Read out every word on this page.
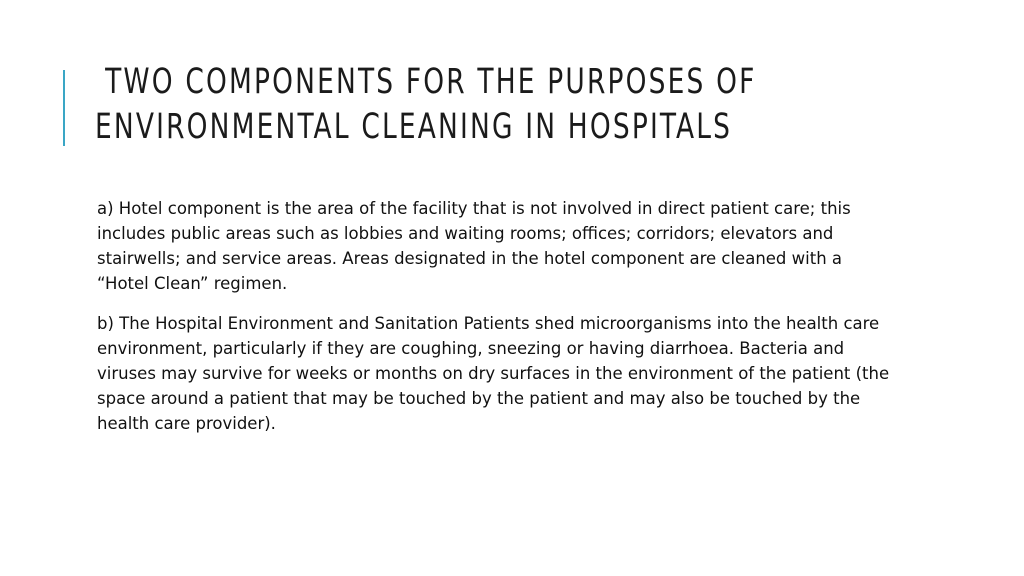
TWO COMPONENTS FOR THE PURPOSES OF
ENVIRONMENTAL CLEANING IN HOSPITALS

a) Hotel component is the area of the facility that is not involved in direct patient care; this includes public areas such as lobbies and waiting rooms; offices; corridors; elevators and stairwells; and service areas. Areas designated in the hotel component are cleaned with a “Hotel Clean” regimen.

b) The Hospital Environment and Sanitation Patients shed microorganisms into the health care environment, particularly if they are coughing, sneezing or having diarrhoea. Bacteria and viruses may survive for weeks or months on dry surfaces in the environment of the patient (the space around a patient that may be touched by the patient and may also be touched by the health care provider).
